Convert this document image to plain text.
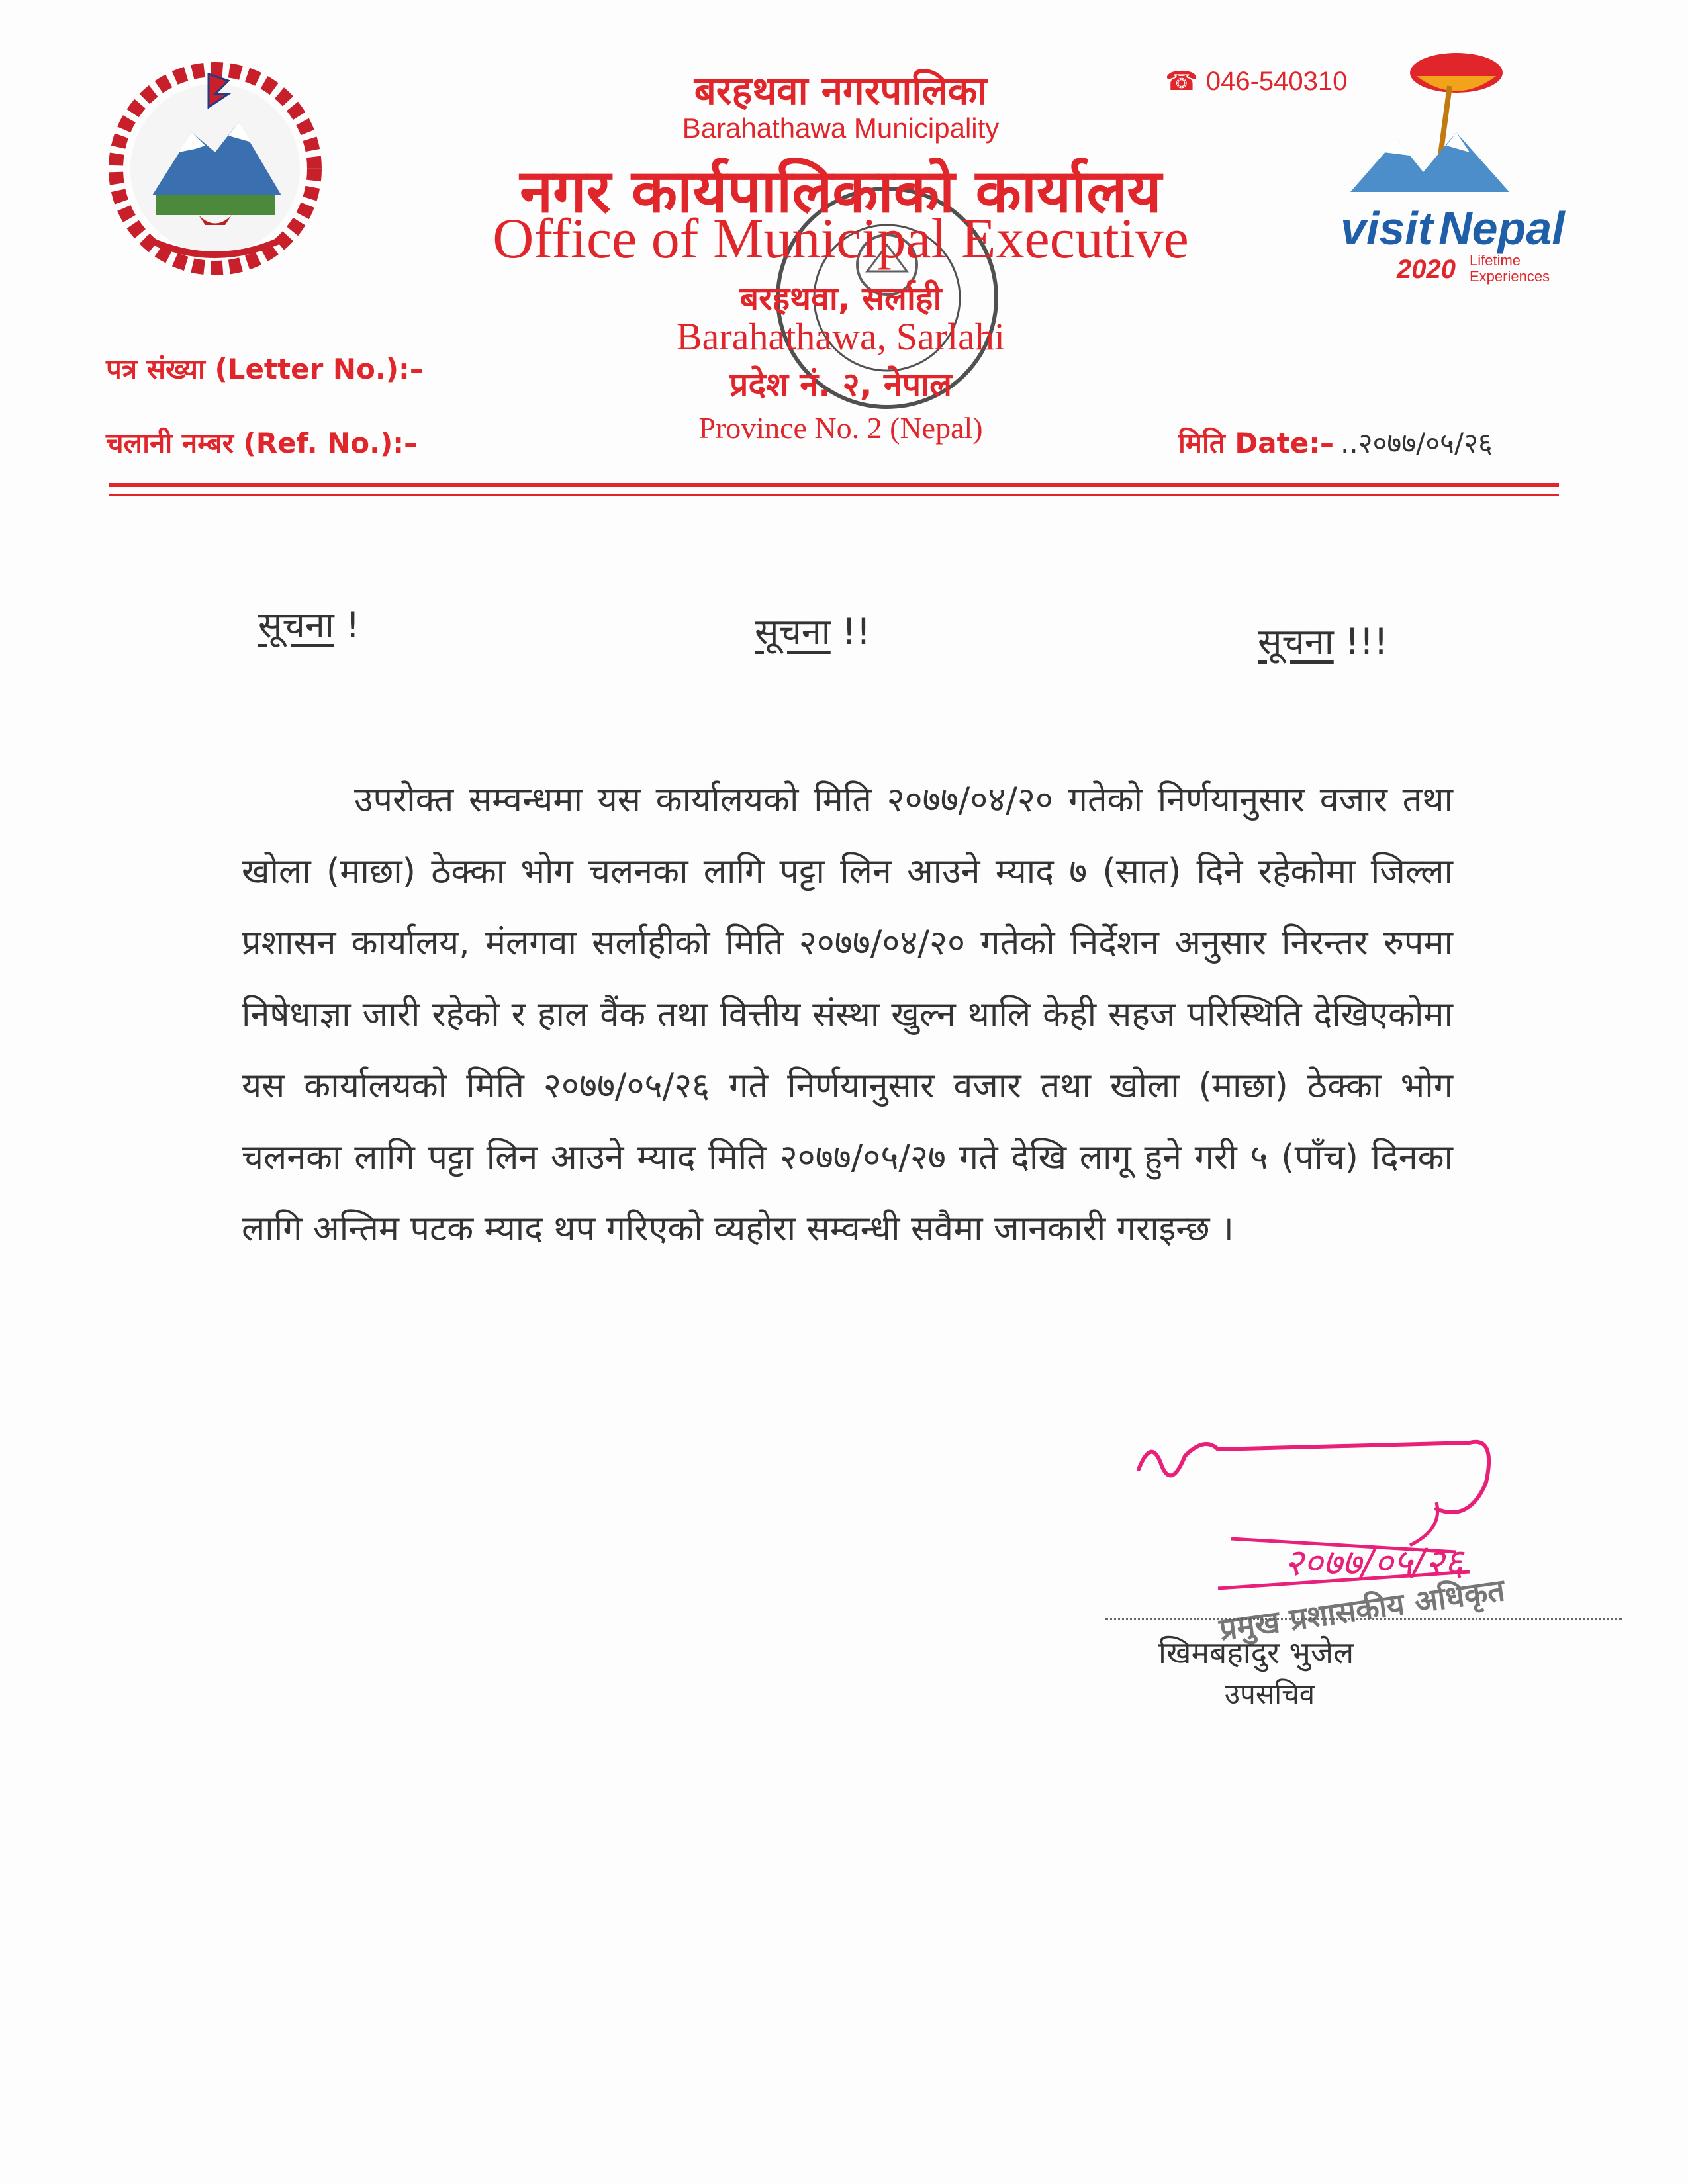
visit Nepal
2020 Lifetime
Experiences
बरहथवा नगरपालिका
Barahathawa Municipality
नगर कार्यपालिकाको कार्यालय
Office of Municipal Executive
बरहथवा, सर्लाही
Barahathawa, Sarlahi
प्रदेश नं. २, नेपाल
Province No. 2 (Nepal)
☎ 046-540310
पत्र संख्या (Letter No.):–
चलानी नम्बर (Ref. No.):–	मिति Date:– ..२०७७/०५/२६
सूचना !	सूचना !!	सूचना !!!
उपरोक्त सम्वन्धमा यस कार्यालयको मिति २०७७/०४/२० गतेको निर्णयानुसार वजार तथा खोला (माछा) ठेक्का भोग चलनका लागि पट्टा लिन आउने म्याद ७ (सात) दिने रहेकोमा जिल्ला प्रशासन कार्यालय, मंलगवा सर्लाहीको मिति २०७७/०४/२० गतेको निर्देशन अनुसार निरन्तर रुपमा निषेधाज्ञा जारी रहेको र हाल वैंक तथा वित्तीय संस्था खुल्न थालि केही सहज परिस्थिति देखिएकोमा यस कार्यालयको मिति २०७७/०५/२६ गते निर्णयानुसार वजार तथा खोला (माछा) ठेक्का भोग चलनका लागि पट्टा लिन आउने म्याद मिति २०७७/०५/२७ गते देखि लागू हुने गरी ५ (पाँच) दिनका लागि अन्तिम पटक म्याद थप गरिएको व्यहोरा सम्वन्धी सवैमा जानकारी गराइन्छ ।
२०७७/०५/२६
प्रमुख प्रशासकीय अधिकृत
खिमबहादुर भुजेल
उपसचिव
